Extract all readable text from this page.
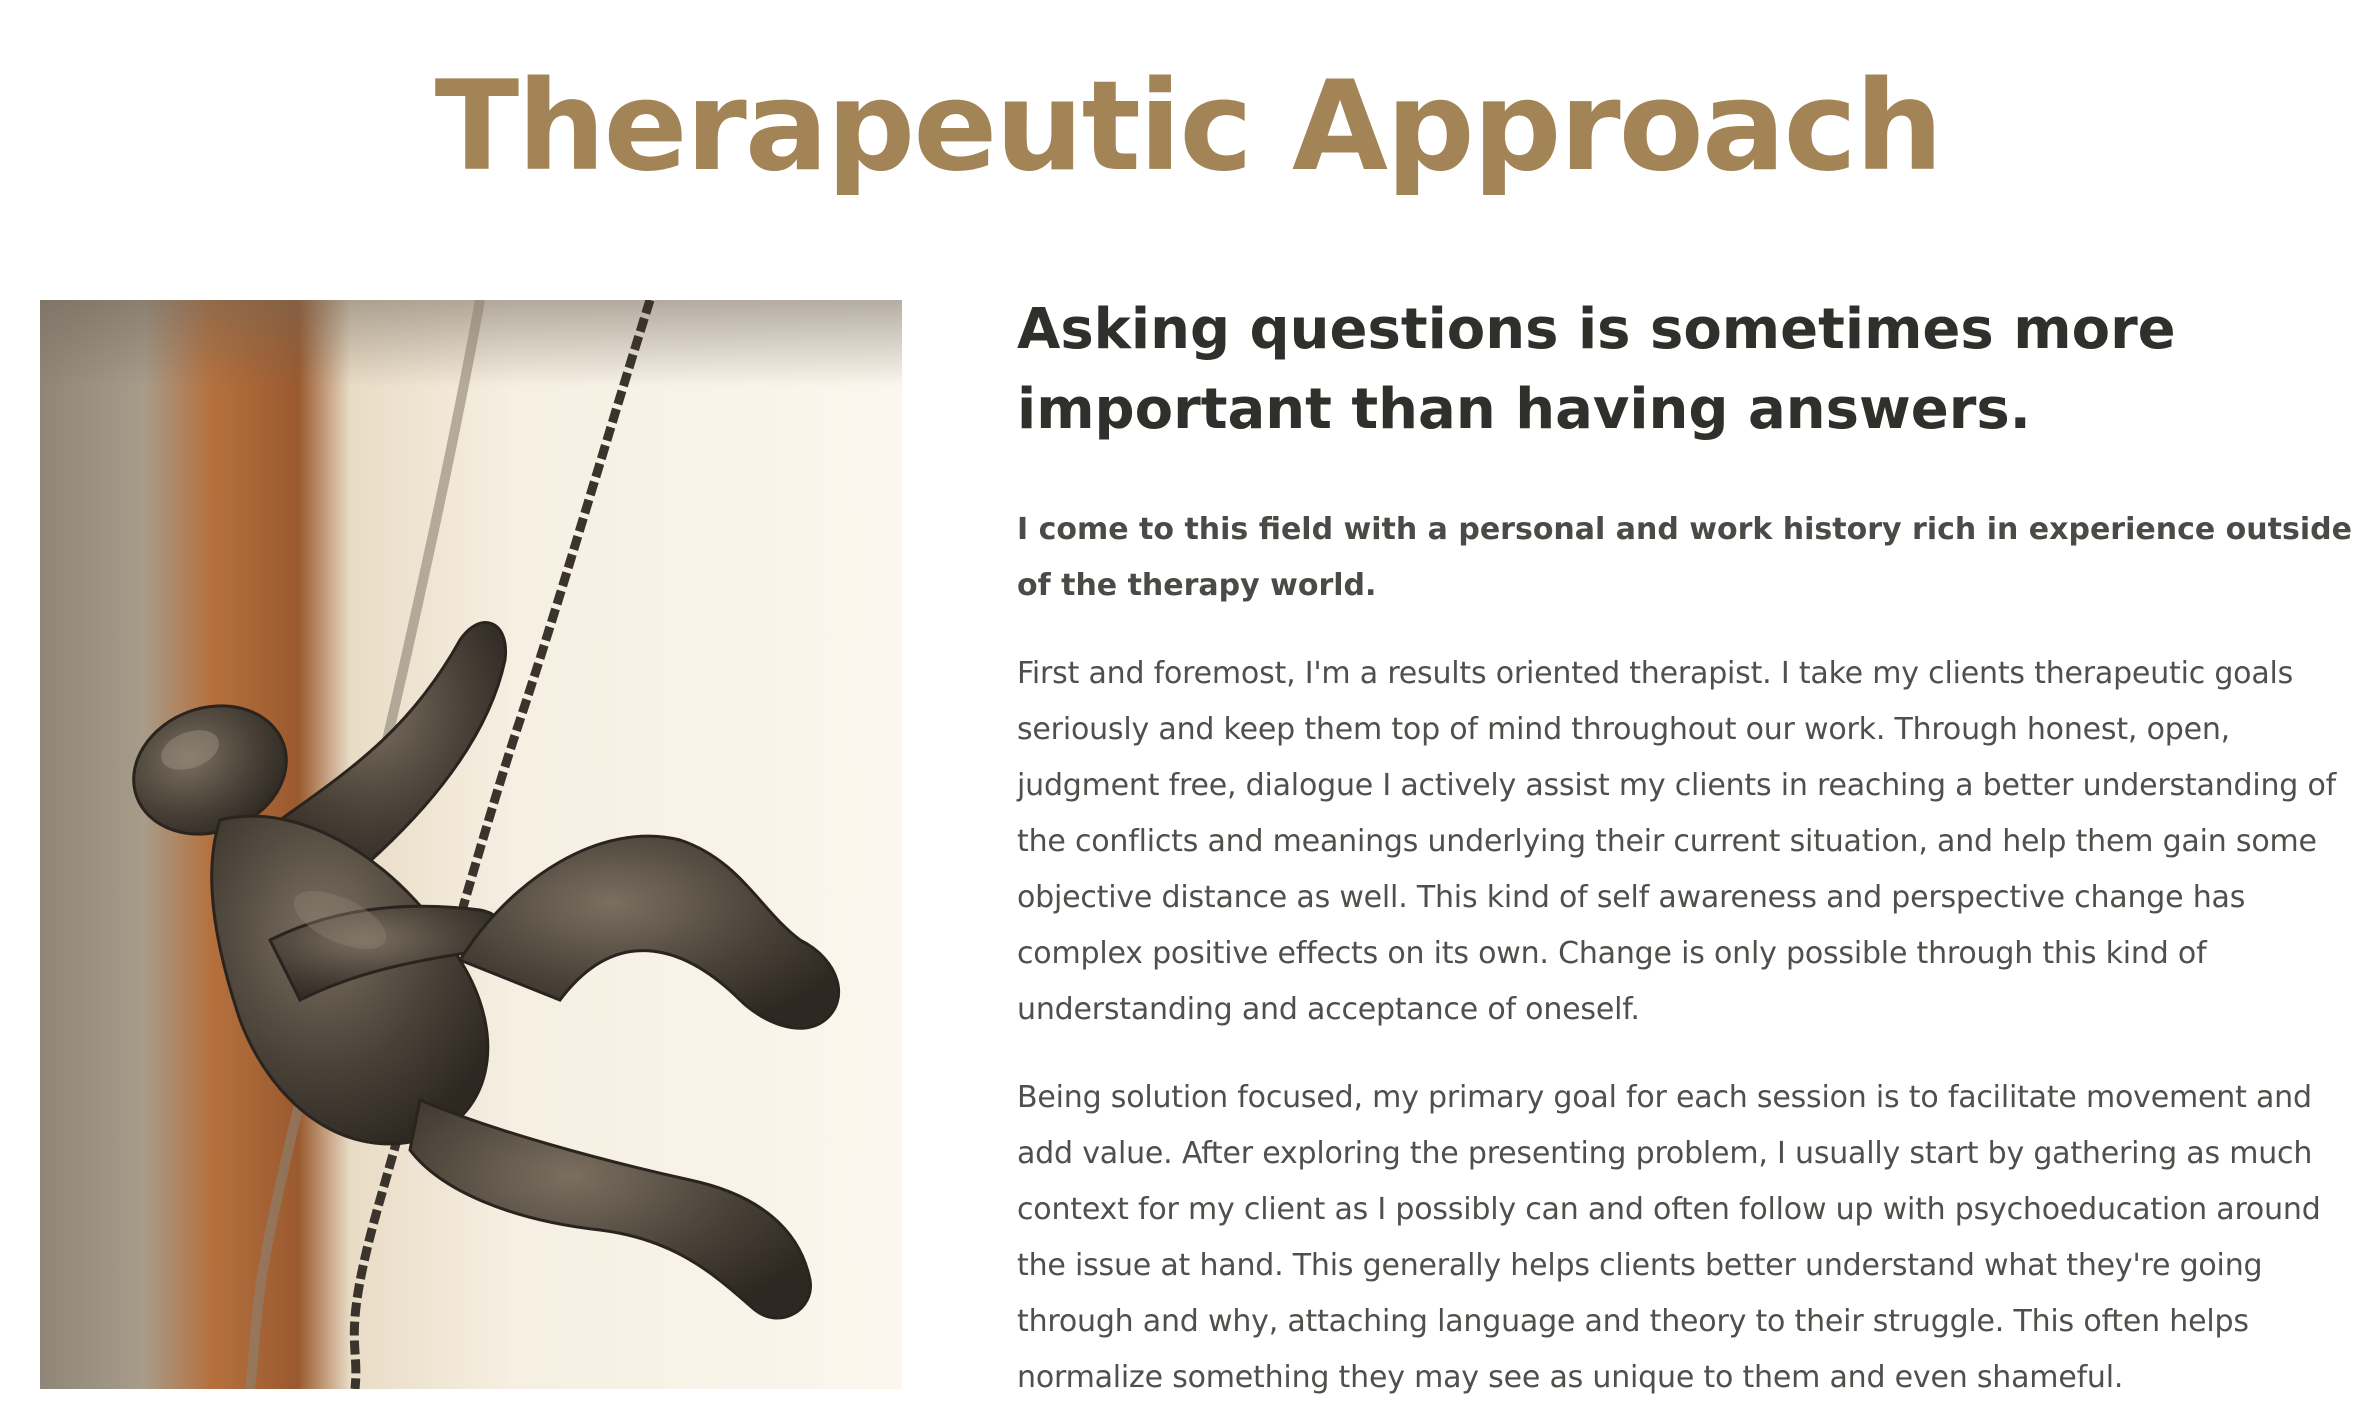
Therapeutic Approach
Asking questions is sometimes more important than having answers.

I come to this field with a personal and work history rich in experience outside of the therapy world.

First and foremost, I'm a results oriented therapist. I take my clients therapeutic goals seriously and keep them top of mind throughout our work. Through honest, open, judgment free, dialogue I actively assist my clients in reaching a better understanding of the conflicts and meanings underlying their current situation, and help them gain some objective distance as well. This kind of self awareness and perspective change has complex positive effects on its own. Change is only possible through this kind of understanding and acceptance of oneself.

Being solution focused, my primary goal for each session is to facilitate movement and add value. After exploring the presenting problem, I usually start by gathering as much context for my client as I possibly can and often follow up with psychoeducation around the issue at hand. This generally helps clients better understand what they're going through and why, attaching language and theory to their struggle. This often helps normalize something they may see as unique to them and even shameful.
